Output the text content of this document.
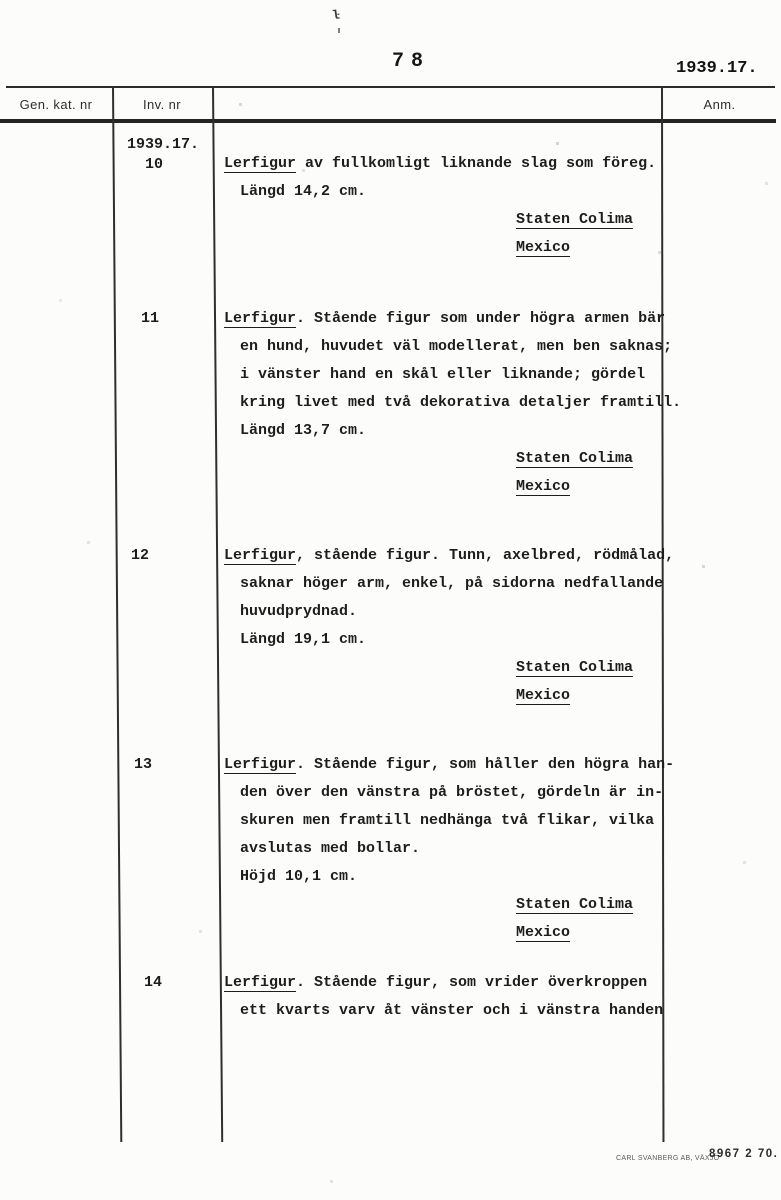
ŀ
78	1939.17.
Gen. kat. nr	Inv. nr	Anm.
1939.17.
10	Lerfigur av fullkomligt liknande slag som föreg.
Längd 14,2 cm.
Staten Colima
Mexico
11	Lerfigur. Stående figur som under högra armen bär
en hund, huvudet väl modellerat, men ben saknas;
i vänster hand en skål eller liknande; gördel
kring livet med två dekorativa detaljer framtill.
Längd 13,7 cm.
Staten Colima
Mexico
12	Lerfigur, stående figur. Tunn, axelbred, rödmålad,
saknar höger arm, enkel, på sidorna nedfallande
huvudprydnad.
Längd 19,1 cm.
Staten Colima
Mexico
13	Lerfigur. Stående figur, som håller den högra han-
den över den vänstra på bröstet, gördeln är in-
skuren men framtill nedhänga två flikar, vilka
avslutas med bollar.
Höjd 10,1 cm.
Staten Colima
Mexico
14	Lerfigur. Stående figur, som vrider överkroppen
ett kvarts varv åt vänster och i vänstra handen
CARL SVANBERG AB, VÄXJÖ
8967 2 70.
